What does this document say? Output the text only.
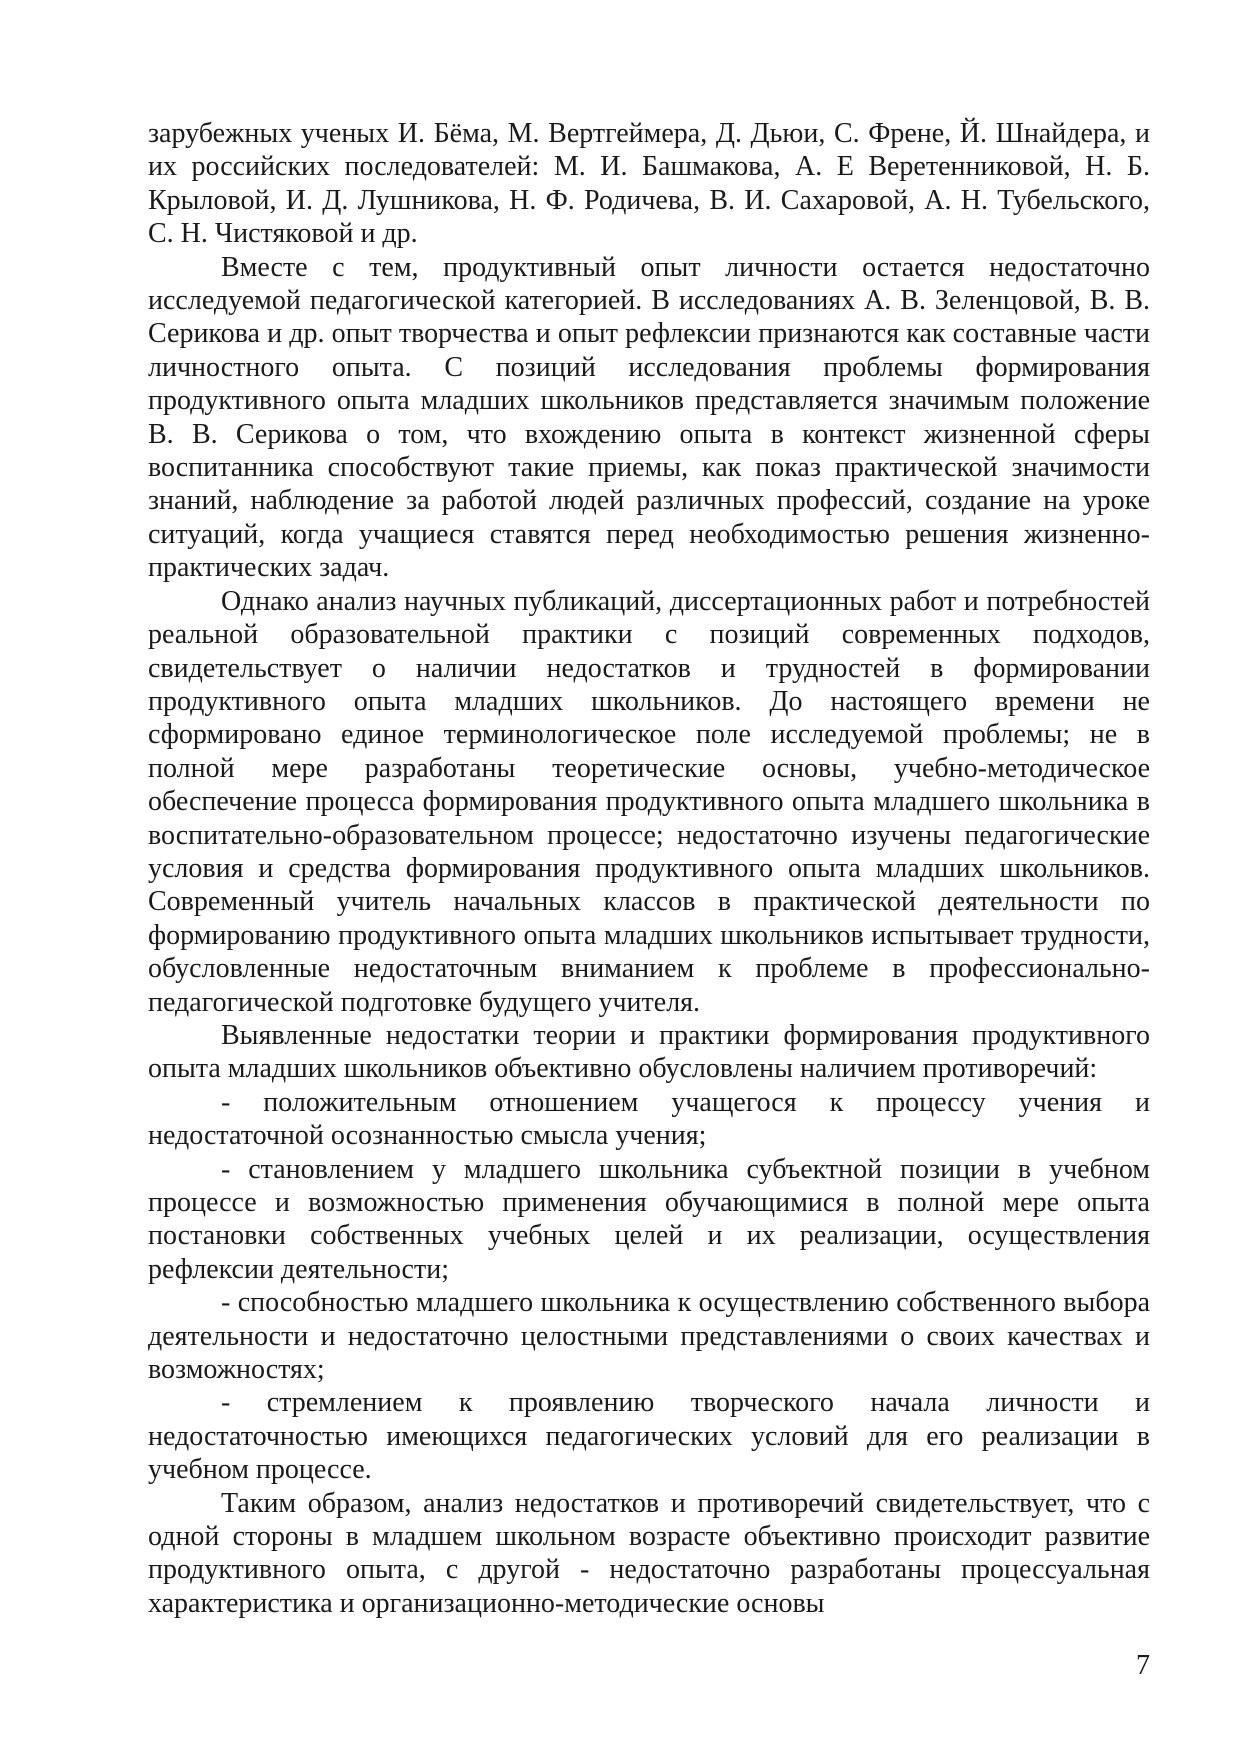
зарубежных ученых И. Бёма, М. Вертгеймера, Д. Дьюи, С. Френе, Й. Шнайдера, и их российских последователей: М. И. Башмакова, А. Е Веретенниковой, Н. Б. Крыловой, И. Д. Лушникова, Н. Ф. Родичева, В. И. Сахаровой, А. Н. Тубельского, С. Н. Чистяковой и др.

Вместе с тем, продуктивный опыт личности остается недостаточно исследуемой педагогической категорией. В исследованиях А. В. Зеленцовой, В. В. Серикова и др. опыт творчества и опыт рефлексии признаются как составные части личностного опыта. С позиций исследования проблемы формирования продуктивного опыта младших школьников представляется значимым положение В. В. Серикова о том, что вхождению опыта в контекст жизненной сферы воспитанника способствуют такие приемы, как показ практической значимости знаний, наблюдение за работой людей различных профессий, создание на уроке ситуаций, когда учащиеся ставятся перед необходимостью решения жизненно-практических задач.

Однако анализ научных публикаций, диссертационных работ и потребностей реальной образовательной практики с позиций современных подходов, свидетельствует о наличии недостатков и трудностей в формировании продуктивного опыта младших школьников. До настоящего времени не сформировано единое терминологическое поле исследуемой проблемы; не в полной мере разработаны теоретические основы, учебно-методическое обеспечение процесса формирования продуктивного опыта младшего школьника в воспитательно-образовательном процессе; недостаточно изучены педагогические условия и средства формирования продуктивного опыта младших школьников. Современный учитель начальных классов в практической деятельности по формированию продуктивного опыта младших школьников испытывает трудности, обусловленные недостаточным вниманием к проблеме в профессионально-педагогической подготовке будущего учителя.

Выявленные недостатки теории и практики формирования продуктивного опыта младших школьников объективно обусловлены наличием противоречий:

- положительным отношением учащегося к процессу учения и недостаточной осознанностью смысла учения;

- становлением у младшего школьника субъектной позиции в учебном процессе и возможностью применения обучающимися в полной мере опыта постановки собственных учебных целей и их реализации, осуществления рефлексии деятельности;

- способностью младшего школьника к осуществлению собственного выбора деятельности и недостаточно целостными представлениями о своих качествах и возможностях;

- стремлением к проявлению творческого начала личности и недостаточностью имеющихся педагогических условий для его реализации в учебном процессе.

Таким образом, анализ недостатков и противоречий свидетельствует, что с одной стороны в младшем школьном возрасте объективно происходит развитие продуктивного опыта, с другой - недостаточно разработаны процессуальная характеристика и организационно-методические основы

7
